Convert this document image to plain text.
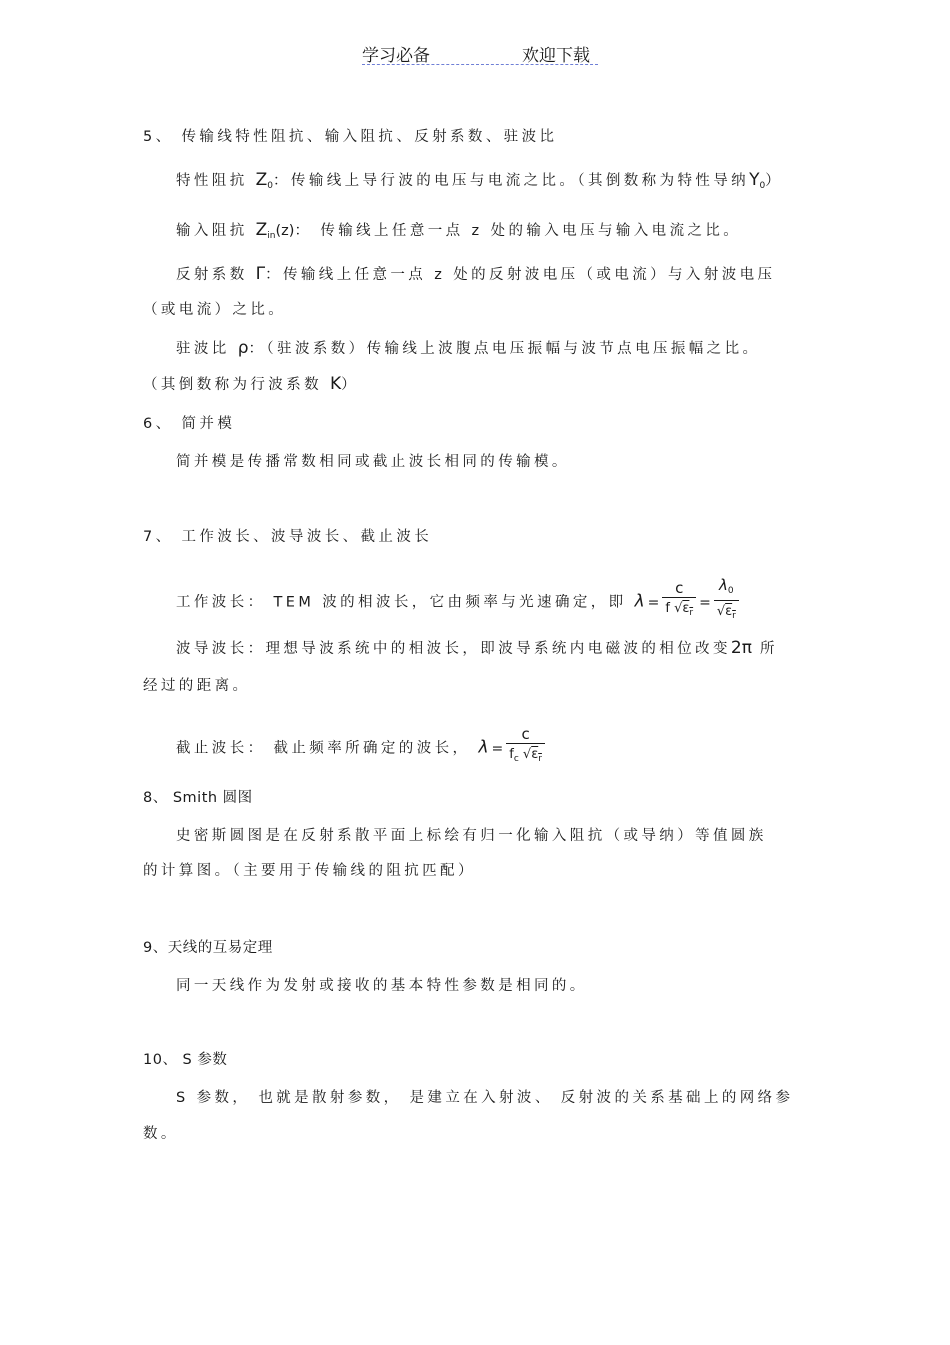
学习必备	欢迎下载
5、 传输线特性阻抗、输入阻抗、反射系数、驻波比
特性阻抗 $Z_0$：传输线上导行波的电压与电流之比。（其倒数称为特性导纳$Y_0$）
输入阻抗 $Z_{in}(z)$： 传输线上任意一点 z 处的输入电压与输入电流之比。
反射系数 Γ：传输线上任意一点 z 处的反射波电压（或电流）与入射波电压
（或电流）之比。
驻波比 ρ：（驻波系数）传输线上波腹点电压振幅与波节点电压振幅之比。
（其倒数称为行波系数 K）
6、 简并模
简并模是传播常数相同或截止波长相同的传输模。
7、 工作波长、波导波长、截止波长
工作波长： TEM 波的相波长，它由频率与光速确定，即 $\lambda = \frac{c}{f √\varepsilon_r} = \frac{\lambda_0}{√\varepsilon_r}$
波导波长：理想导波系统中的相波长，即波导系统内电磁波的相位改变2π 所
经过的距离。
截止波长： 截止频率所确定的波长， $\lambda = \frac{c}{f_c √\varepsilon_r}$
8、 Smith 圆图
史密斯圆图是在反射系散平面上标绘有归一化输入阻抗（或导纳）等值圆族
的计算图。（主要用于传输线的阻抗匹配）
9、天线的互易定理
同一天线作为发射或接收的基本特性参数是相同的。
10、 S 参数
S 参数， 也就是散射参数， 是建立在入射波、 反射波的关系基础上的网络参
数。
